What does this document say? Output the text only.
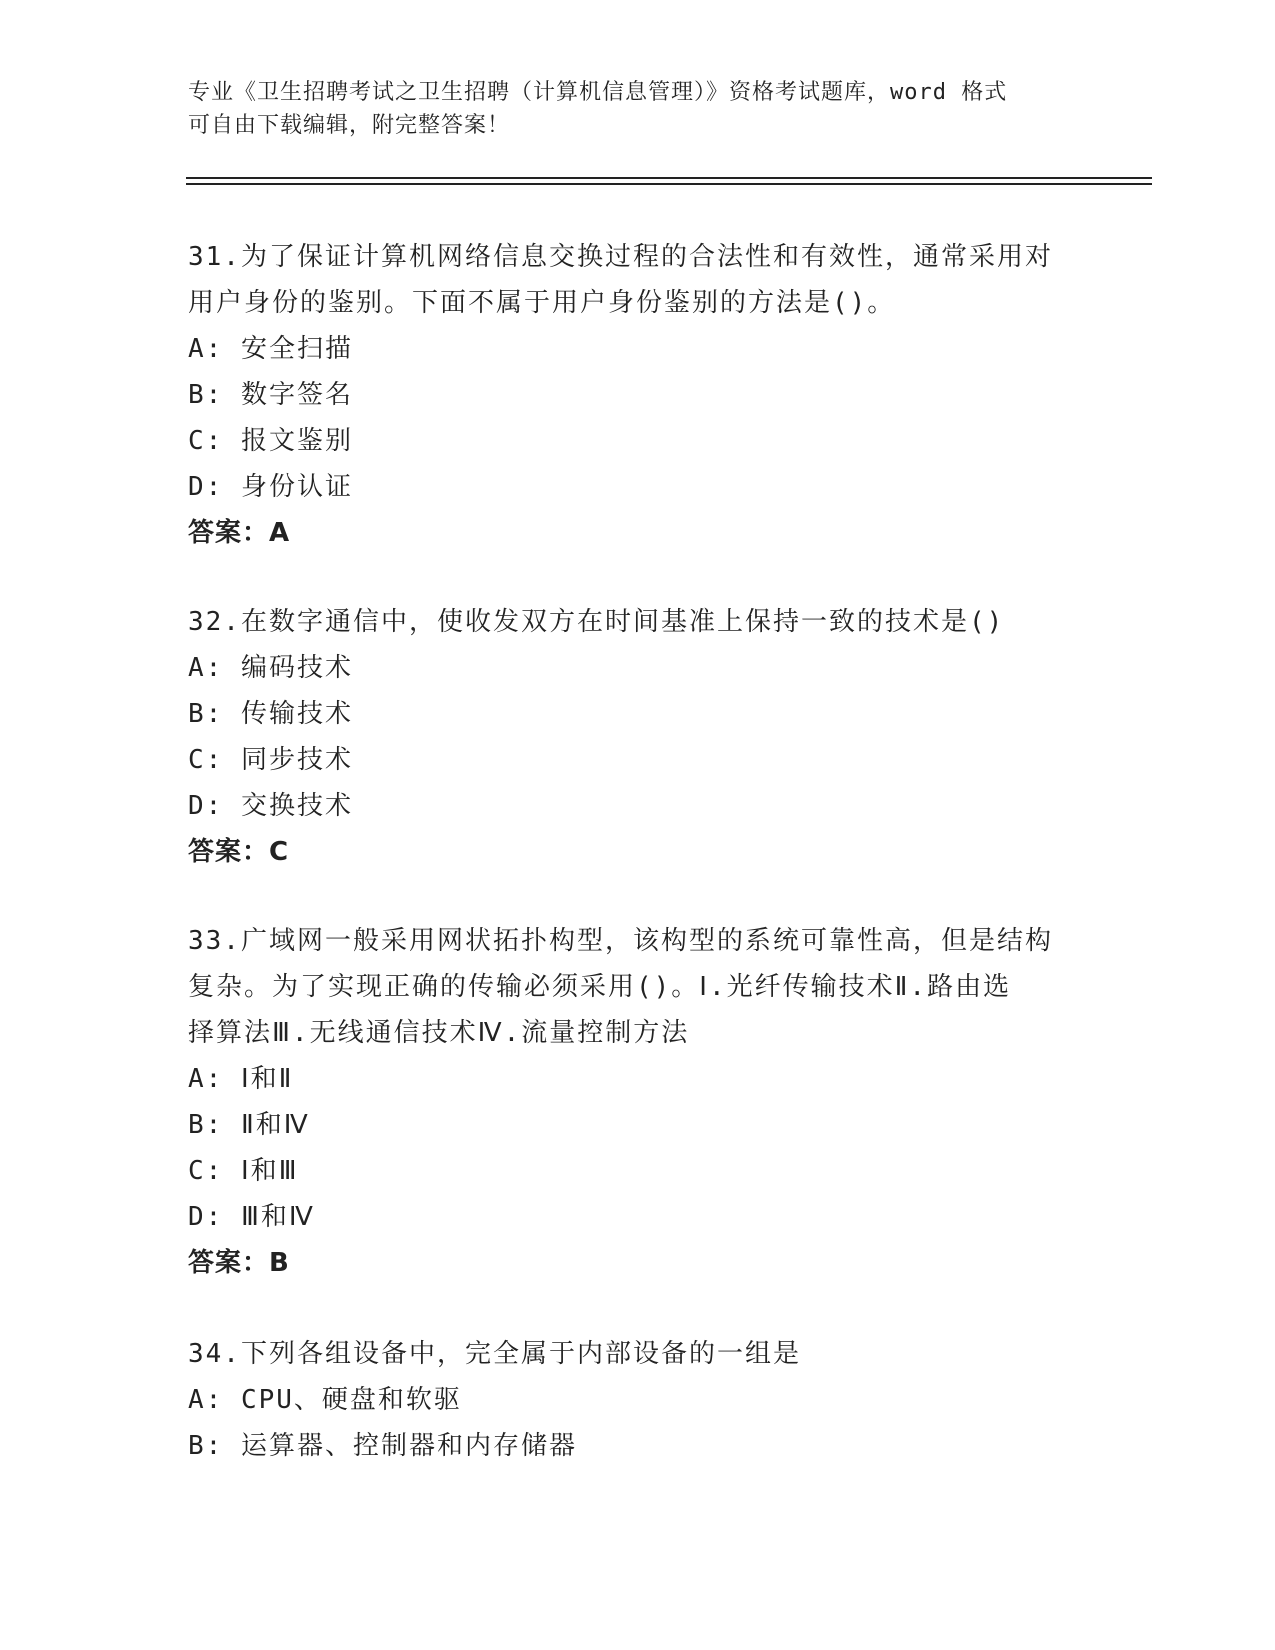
专业《卫生招聘考试之卫生招聘（计算机信息管理）》资格考试题库，word 格式
可自由下载编辑，附完整答案！

31.为了保证计算机网络信息交换过程的合法性和有效性，通常采用对

用户身份的鉴别。下面不属于用户身份鉴别的方法是()。

A: 安全扫描

B: 数字签名

C: 报文鉴别

D: 身份认证

答案：A

32.在数字通信中，使收发双方在时间基准上保持一致的技术是()

A: 编码技术

B: 传输技术

C: 同步技术

D: 交换技术

答案：C

33.广域网一般采用网状拓扑构型，该构型的系统可靠性高，但是结构

复杂。为了实现正确的传输必须采用()。Ⅰ.光纤传输技术Ⅱ.路由选

择算法Ⅲ.无线通信技术Ⅳ.流量控制方法

A: Ⅰ和Ⅱ

B: Ⅱ和Ⅳ

C: Ⅰ和Ⅲ

D: Ⅲ和Ⅳ

答案：B

34.下列各组设备中，完全属于内部设备的一组是

A: CPU、硬盘和软驱

B: 运算器、控制器和内存储器
